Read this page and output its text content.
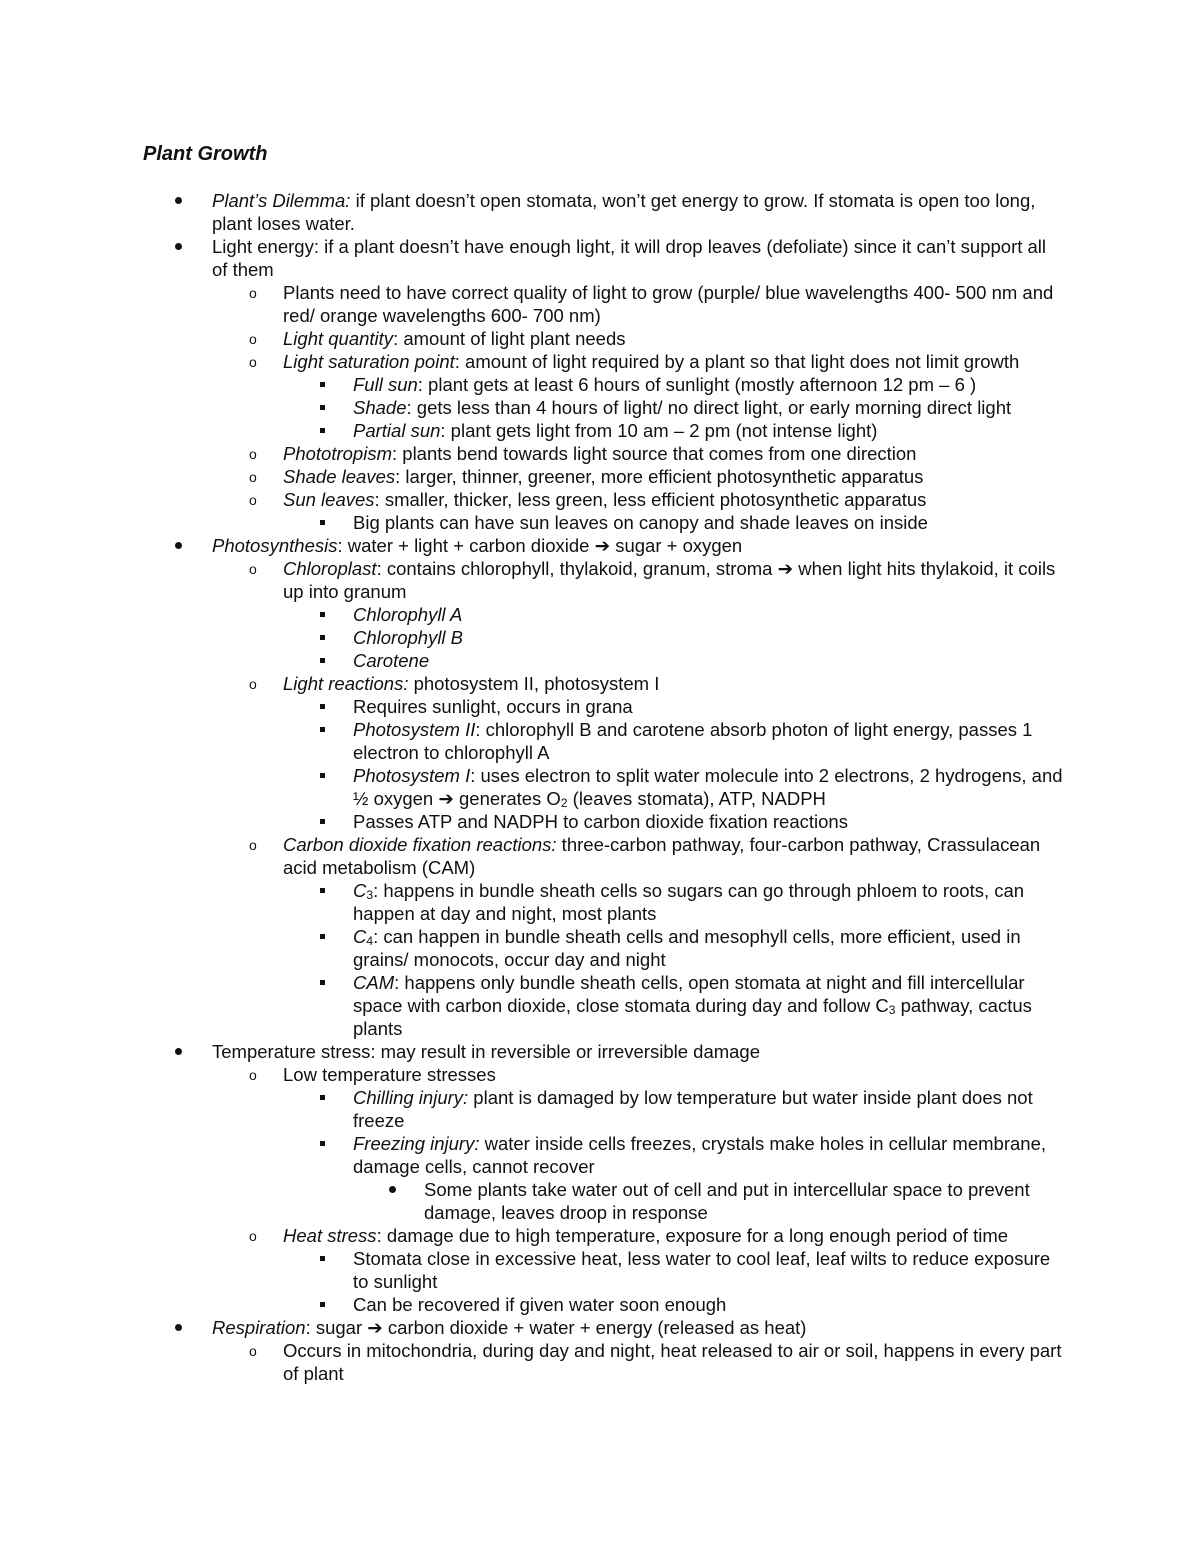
Plant Growth
Plant’s Dilemma: if plant doesn’t open stomata, won’t get energy to grow. If stomata is open too long, plant loses water.
Light energy: if a plant doesn’t have enough light, it will drop leaves (defoliate) since it can’t support all of them
o Plants need to have correct quality of light to grow (purple/ blue wavelengths 400- 500 nm and red/ orange wavelengths 600- 700 nm)
o Light quantity: amount of light plant needs
o Light saturation point: amount of light required by a plant so that light does not limit growth
Full sun: plant gets at least 6 hours of sunlight (mostly afternoon 12 pm – 6 )
Shade: gets less than 4 hours of light/ no direct light, or early morning direct light
Partial sun: plant gets light from 10 am – 2 pm (not intense light)
o Phototropism: plants bend towards light source that comes from one direction
o Shade leaves: larger, thinner, greener, more efficient photosynthetic apparatus
o Sun leaves: smaller, thicker, less green, less efficient photosynthetic apparatus
Big plants can have sun leaves on canopy and shade leaves on inside
Photosynthesis: water + light + carbon dioxide ➔ sugar + oxygen
o Chloroplast: contains chlorophyll, thylakoid, granum, stroma ➔ when light hits thylakoid, it coils up into granum
Chlorophyll A
Chlorophyll B
Carotene
o Light reactions: photosystem II, photosystem I
Requires sunlight, occurs in grana
Photosystem II: chlorophyll B and carotene absorb photon of light energy, passes 1 electron to chlorophyll A
Photosystem I: uses electron to split water molecule into 2 electrons, 2 hydrogens, and ½ oxygen ➔ generates $O_2$ (leaves stomata), ATP, NADPH
Passes ATP and NADPH to carbon dioxide fixation reactions
o Carbon dioxide fixation reactions: three-carbon pathway, four-carbon pathway, Crassulacean acid metabolism (CAM)
$C_3$: happens in bundle sheath cells so sugars can go through phloem to roots, can happen at day and night, most plants
$C_4$: can happen in bundle sheath cells and mesophyll cells, more efficient, used in grains/ monocots, occur day and night
CAM: happens only bundle sheath cells, open stomata at night and fill intercellular space with carbon dioxide, close stomata during day and follow $C_3$ pathway, cactus plants
Temperature stress: may result in reversible or irreversible damage
o Low temperature stresses
Chilling injury: plant is damaged by low temperature but water inside plant does not freeze
Freezing injury: water inside cells freezes, crystals make holes in cellular membrane, damage cells, cannot recover
Some plants take water out of cell and put in intercellular space to prevent damage, leaves droop in response
o Heat stress: damage due to high temperature, exposure for a long enough period of time
Stomata close in excessive heat, less water to cool leaf, leaf wilts to reduce exposure to sunlight
Can be recovered if given water soon enough
Respiration: sugar ➔ carbon dioxide + water + energy (released as heat)
o Occurs in mitochondria, during day and night, heat released to air or soil, happens in every part of plant
